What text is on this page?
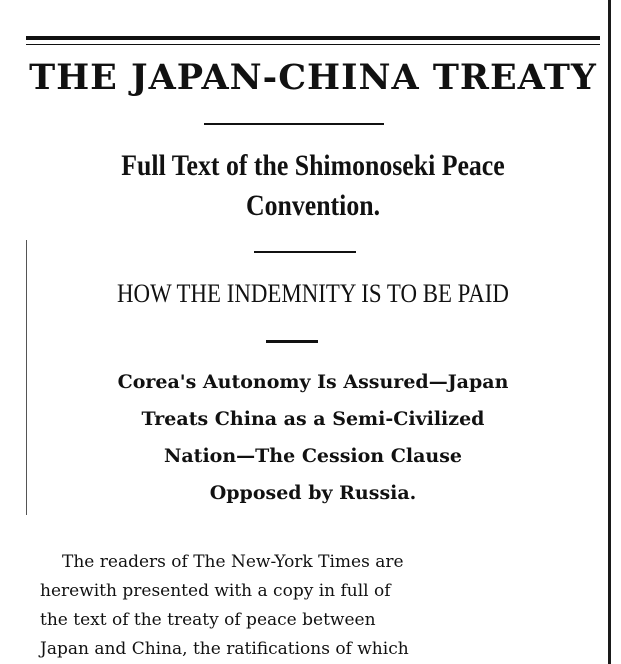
THE JAPAN-CHINA TREATY
Full Text of the Shimonoseki Peace Convention.
HOW THE INDEMNITY IS TO BE PAID
Corea's Autonomy Is Assured—Japan
Treats China as a Semi-Civilized
Nation—The Cession Clause
Opposed by Russia.
The readers of The New-York Times are
herewith presented with a copy in full of
the text of the treaty of peace between
Japan and China, the ratifications of which
